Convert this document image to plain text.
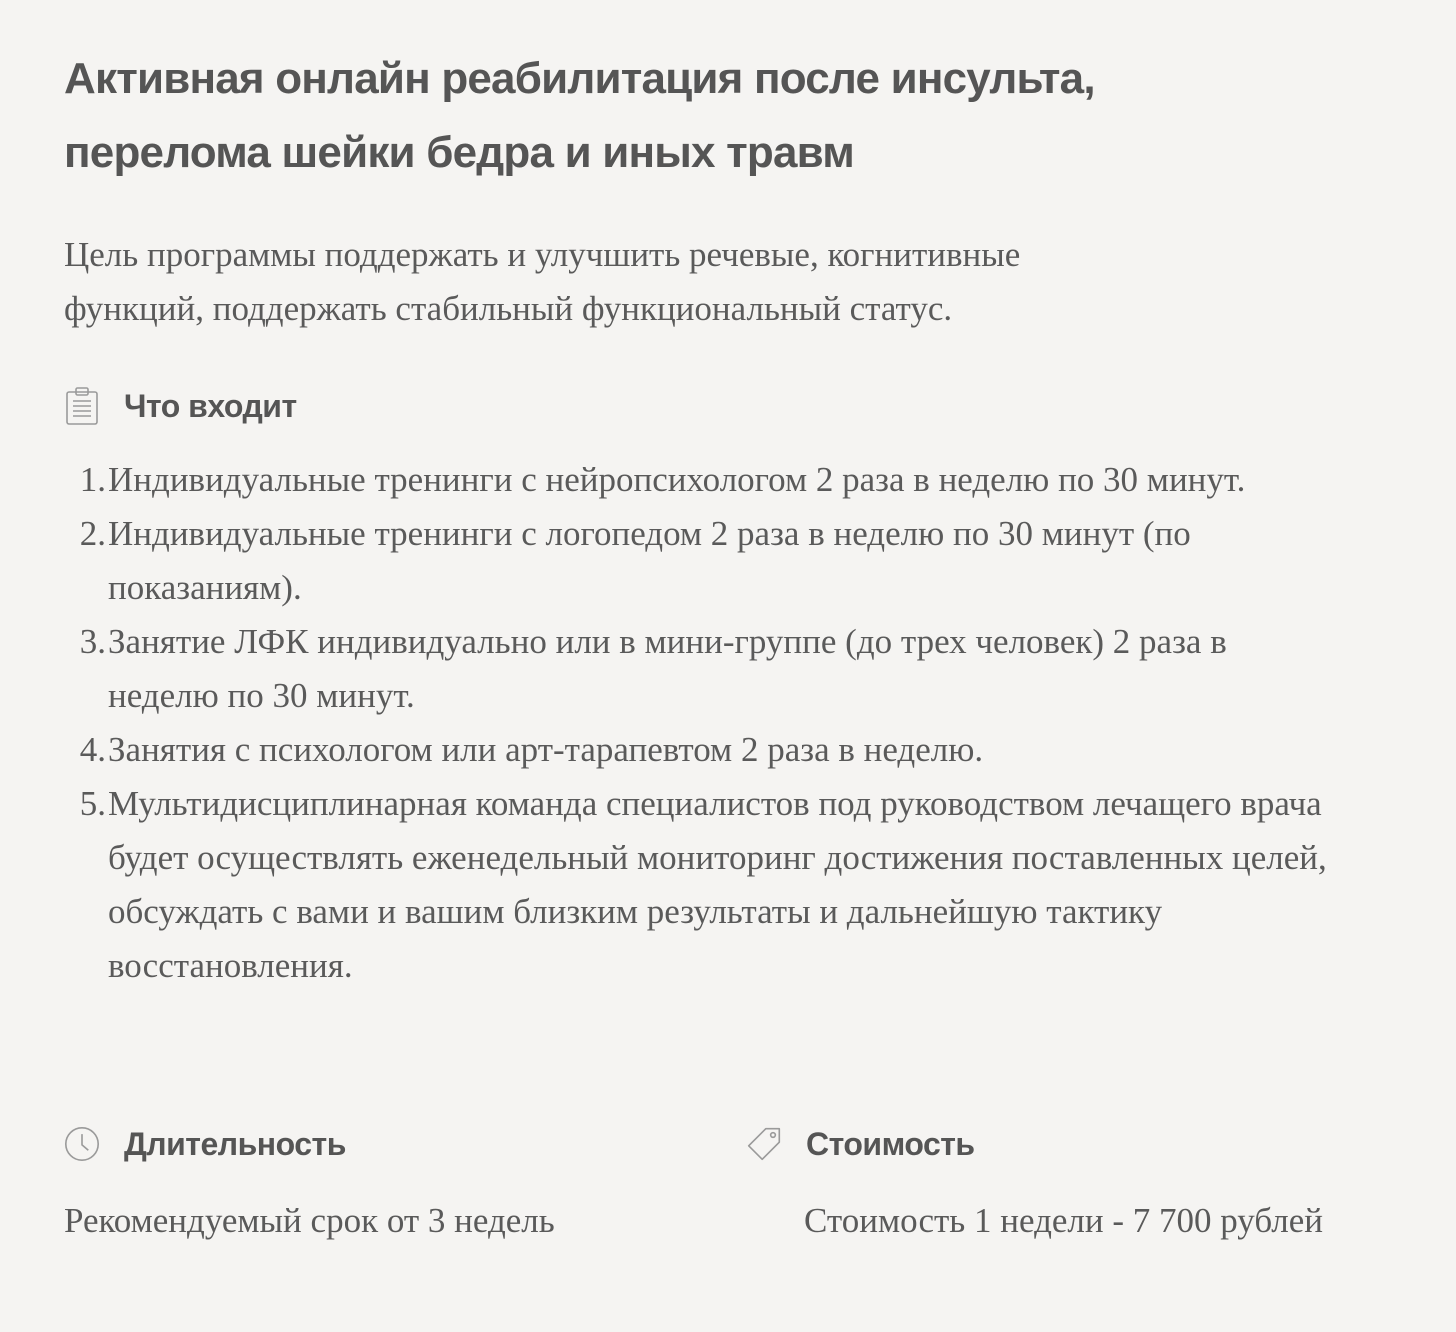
Активная онлайн реабилитация после инсульта, перелома шейки бедра и иных травм

Цель программы поддержать и улучшить речевые, когнитивные функций, поддержать стабильный функциональный статус.

Что входит
1. Индивидуальные тренинги с нейропсихологом 2 раза в неделю по 30 минут.
2. Индивидуальные тренинги с логопедом 2 раза в неделю по 30 минут (по показаниям).
3. Занятие ЛФК индивидуально или в мини-группе (до трех человек) 2 раза в неделю по 30 минут.
4. Занятия с психологом или арт-тарапевтом 2 раза в неделю.
5. Мультидисциплинарная команда специалистов под руководством лечащего врача будет осуществлять еженедельный мониторинг достижения поставленных целей, обсуждать с вами и вашим близким результаты и дальнейшую тактику восстановления.
Длительность	Стоимость

Рекомендуемый срок от 3 недель	Стоимость 1 недели - 7 700 рублей
